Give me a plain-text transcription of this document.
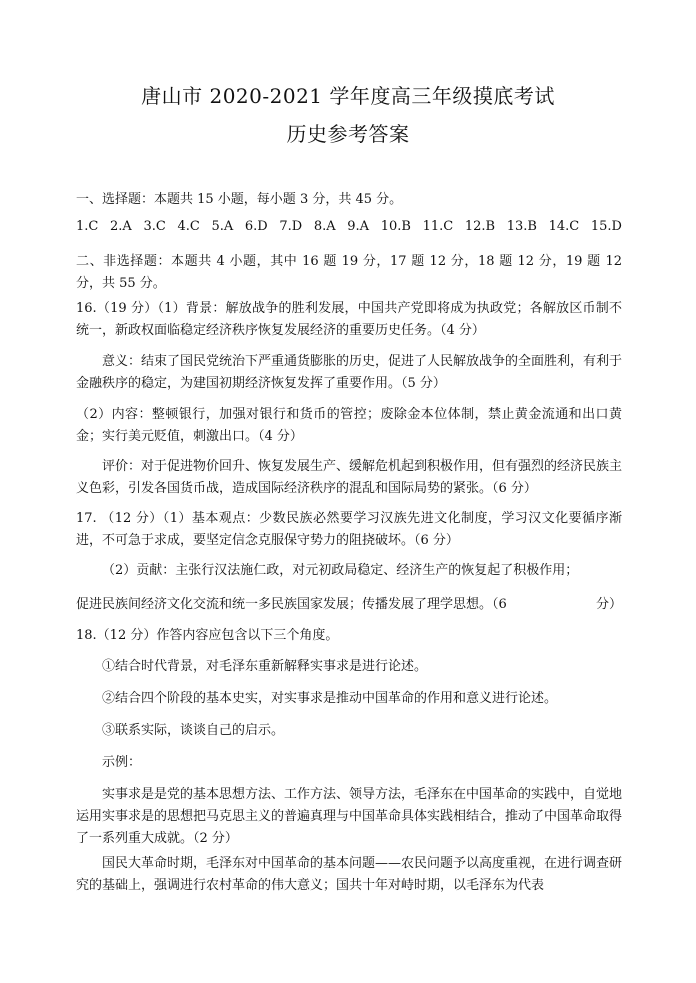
唐山市 2020-2021 学年度高三年级摸底考试
历史参考答案
一、选择题：本题共 15 小题，每小题 3 分，共 45 分。
1.C 2.A 3.C 4.C 5.A 6.D 7.D 8.A 9.A 10.B 11.C 12.B 13.B 14.C 15.D
二、非选择题：本题共 4 小题，其中 16 题 19 分，17 题 12 分，18 题 12 分，19 题 12 分，共 55 分。
16.（19 分）（1）背景：解放战争的胜利发展，中国共产党即将成为执政党；各解放区币制不统一，新政权面临稳定经济秩序恢复发展经济的重要历史任务。（4 分）
意义：结束了国民党统治下严重通货膨胀的历史，促进了人民解放战争的全面胜利，有利于金融秩序的稳定，为建国初期经济恢复发挥了重要作用。（5 分）
（2）内容：整顿银行，加强对银行和货币的管控；废除金本位体制，禁止黄金流通和出口黄金；实行美元贬值，刺激出口。（4 分）
评价：对于促进物价回升、恢复发展生产、缓解危机起到积极作用，但有强烈的经济民族主义色彩，引发各国货币战，造成国际经济秩序的混乱和国际局势的紧张。（6 分）
17. （12 分）（1）基本观点：少数民族必然要学习汉族先进文化制度，学习汉文化要循序渐进，不可急于求成，要坚定信念克服保守势力的阻挠破坏。（6 分）
（2）贡献：主张行汉法施仁政，对元初政局稳定、经济生产的恢复起了积极作用；
促进民族间经济文化交流和统一多民族国家发展；传播发展了理学思想。（6	分）
18.（12 分）作答内容应包含以下三个角度。
①结合时代背景，对毛泽东重新解释实事求是进行论述。
②结合四个阶段的基本史实，对实事求是推动中国革命的作用和意义进行论述。
③联系实际，谈谈自己的启示。
示例：
实事求是是党的基本思想方法、工作方法、领导方法，毛泽东在中国革命的实践中，自觉地运用实事求是的思想把马克思主义的普遍真理与中国革命具体实践相结合，推动了中国革命取得了一系列重大成就。（2 分）
国民大革命时期，毛泽东对中国革命的基本问题——农民问题予以高度重视，在进行调查研究的基础上，强调进行农村革命的伟大意义；国共十年对峙时期，以毛泽东为代表
